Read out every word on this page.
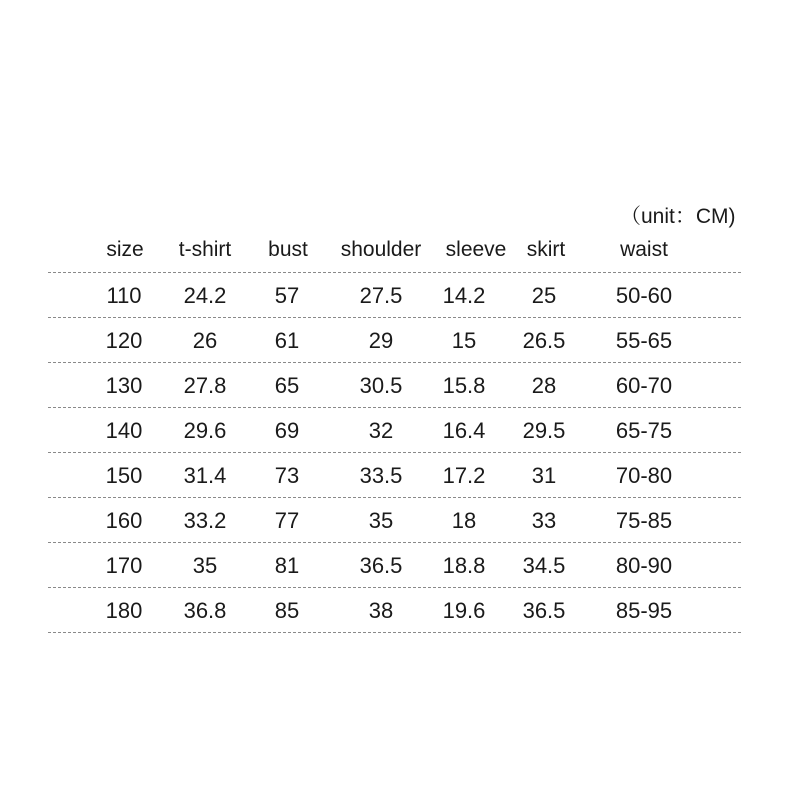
（unit：CM)
size t-shirt bust shoulder sleeve skirt	waist
110 24.2 57	27.5 14.2 25	50-60
120 26	61	29	15 26.5 55-65
130 27.8 65	30.5 15.8 28	60-70
140 29.6 69	32 16.4 29.5 65-75
150 31.4 73	33.5 17.2 31	70-80
160 33.2 77	35	18	33	75-85
170 35	81	36.5 18.8 34.5 80-90
180 36.8 85	38 19.6 36.5 85-95
